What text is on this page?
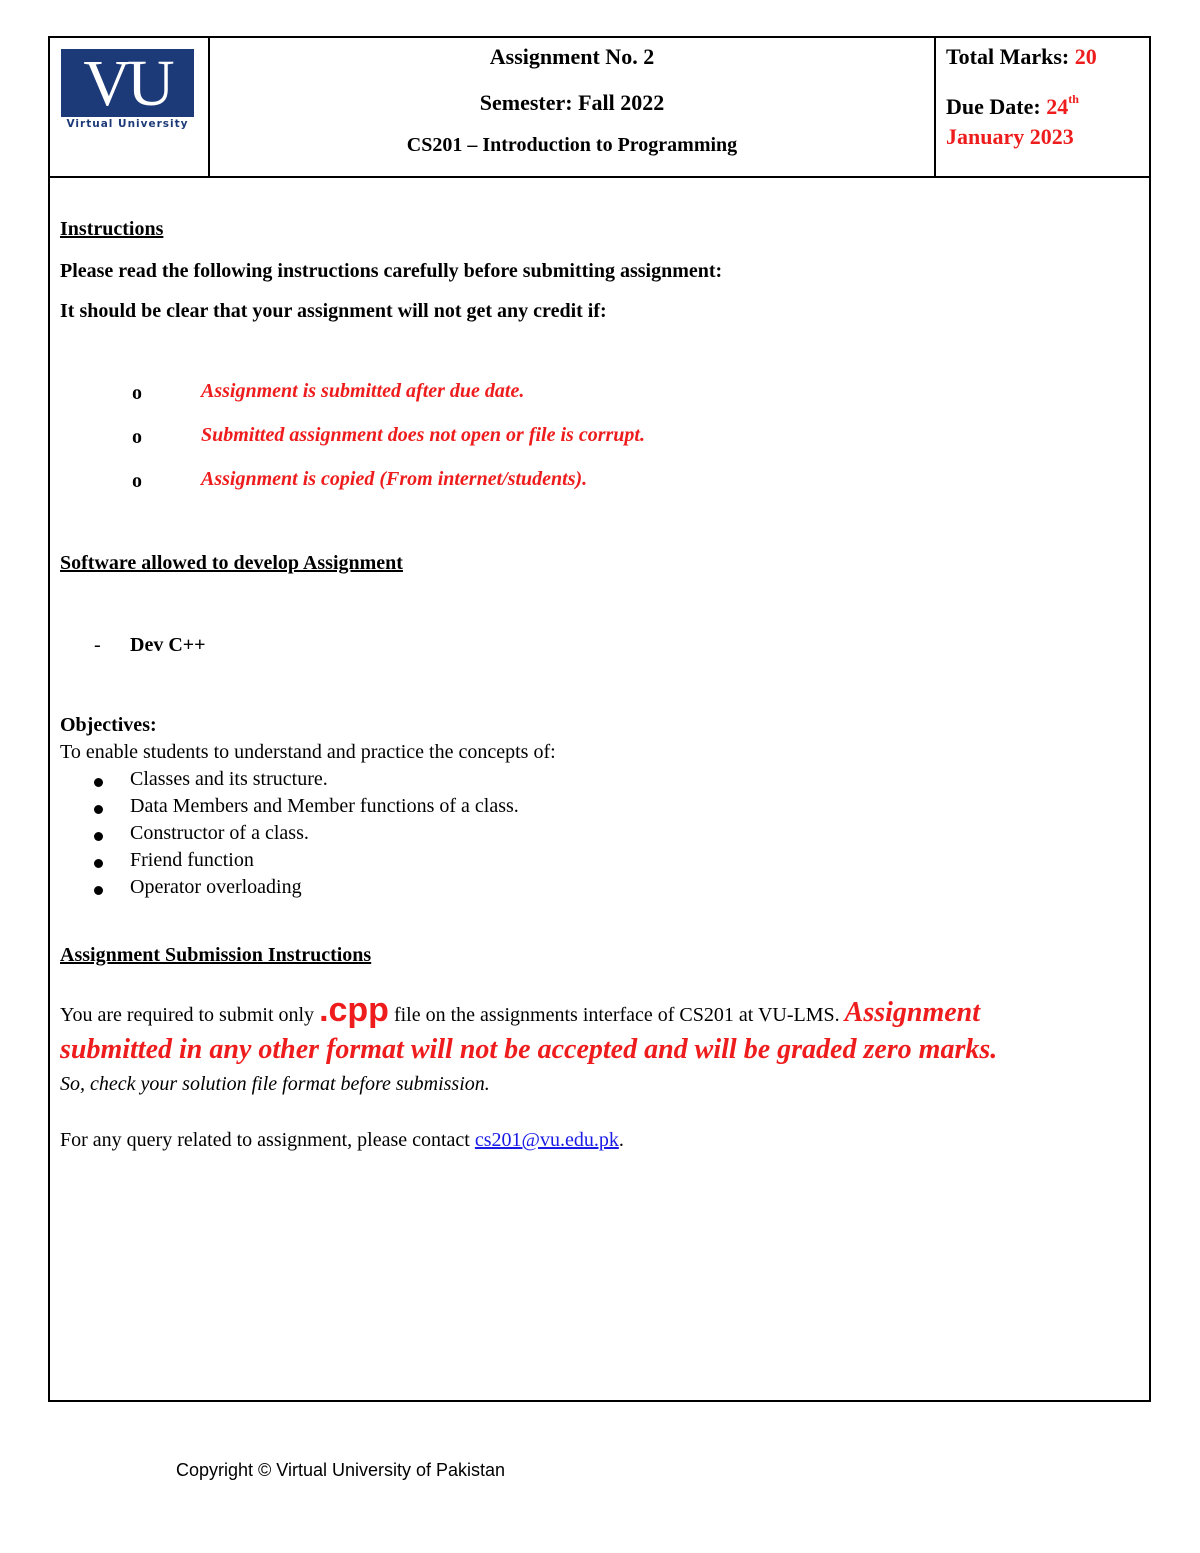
VU
Virtual University
Assignment No. 2
Semester: Fall 2022
CS201 – Introduction to Programming
Total Marks: 20
Due Date: 24th
January 2023
Instructions
Please read the following instructions carefully before submitting assignment:
It should be clear that your assignment will not get any credit if:
o	Assignment is submitted after due date.
o	Submitted assignment does not open or file is corrupt.
o	Assignment is copied (From internet/students).
Software allowed to develop Assignment
- Dev C++
Objectives:
To enable students to understand and practice the concepts of:
Classes and its structure.
Data Members and Member functions of a class.
Constructor of a class.
Friend function
Operator overloading
Assignment Submission Instructions
You are required to submit only .cpp file on the assignments interface of CS201 at VU-LMS. Assignment
submitted in any other format will not be accepted and will be graded zero marks.
So, check your solution file format before submission.
For any query related to assignment, please contact cs201@vu.edu.pk.
Copyright © Virtual University of Pakistan
